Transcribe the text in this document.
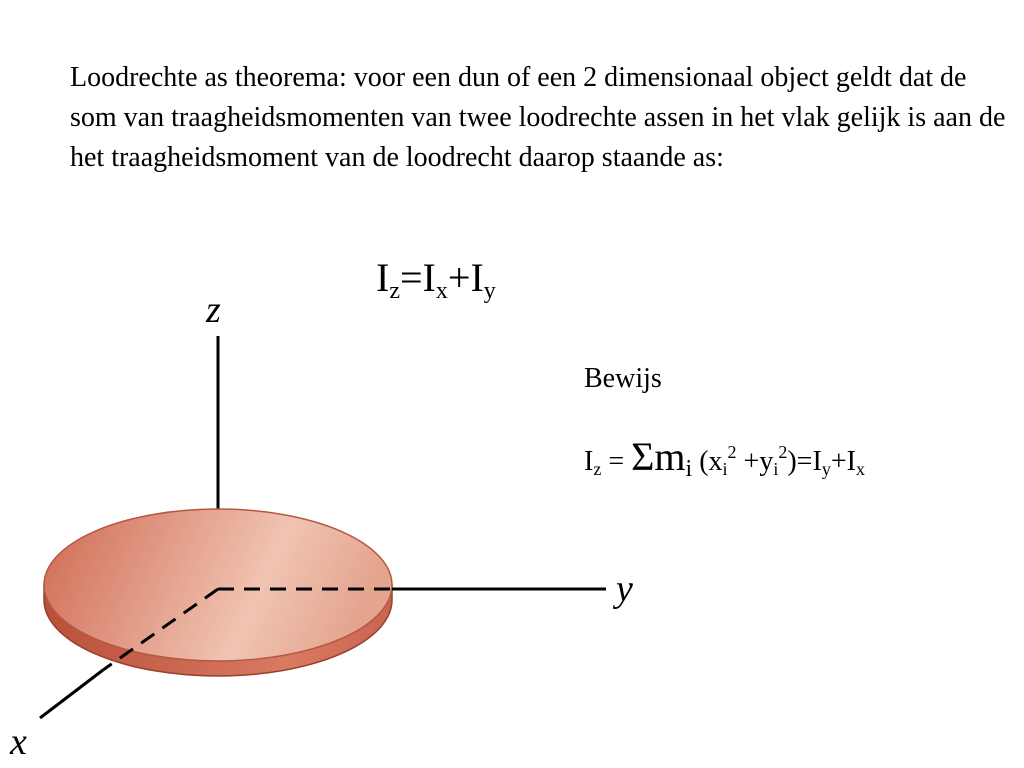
Loodrechte as theorema: voor een dun of een 2 dimensionaal object geldt dat de som van traagheidsmomenten van twee loodrechte assen in het vlak gelijk is aan de het traagheidsmoment van de loodrecht daarop staande as:

$I_z=I_x+I_y$
Bewijs
$I_z = \Sigma m_i$ $(x_i^2 +y_i^2)=I_y+I_x$
z
y
x
